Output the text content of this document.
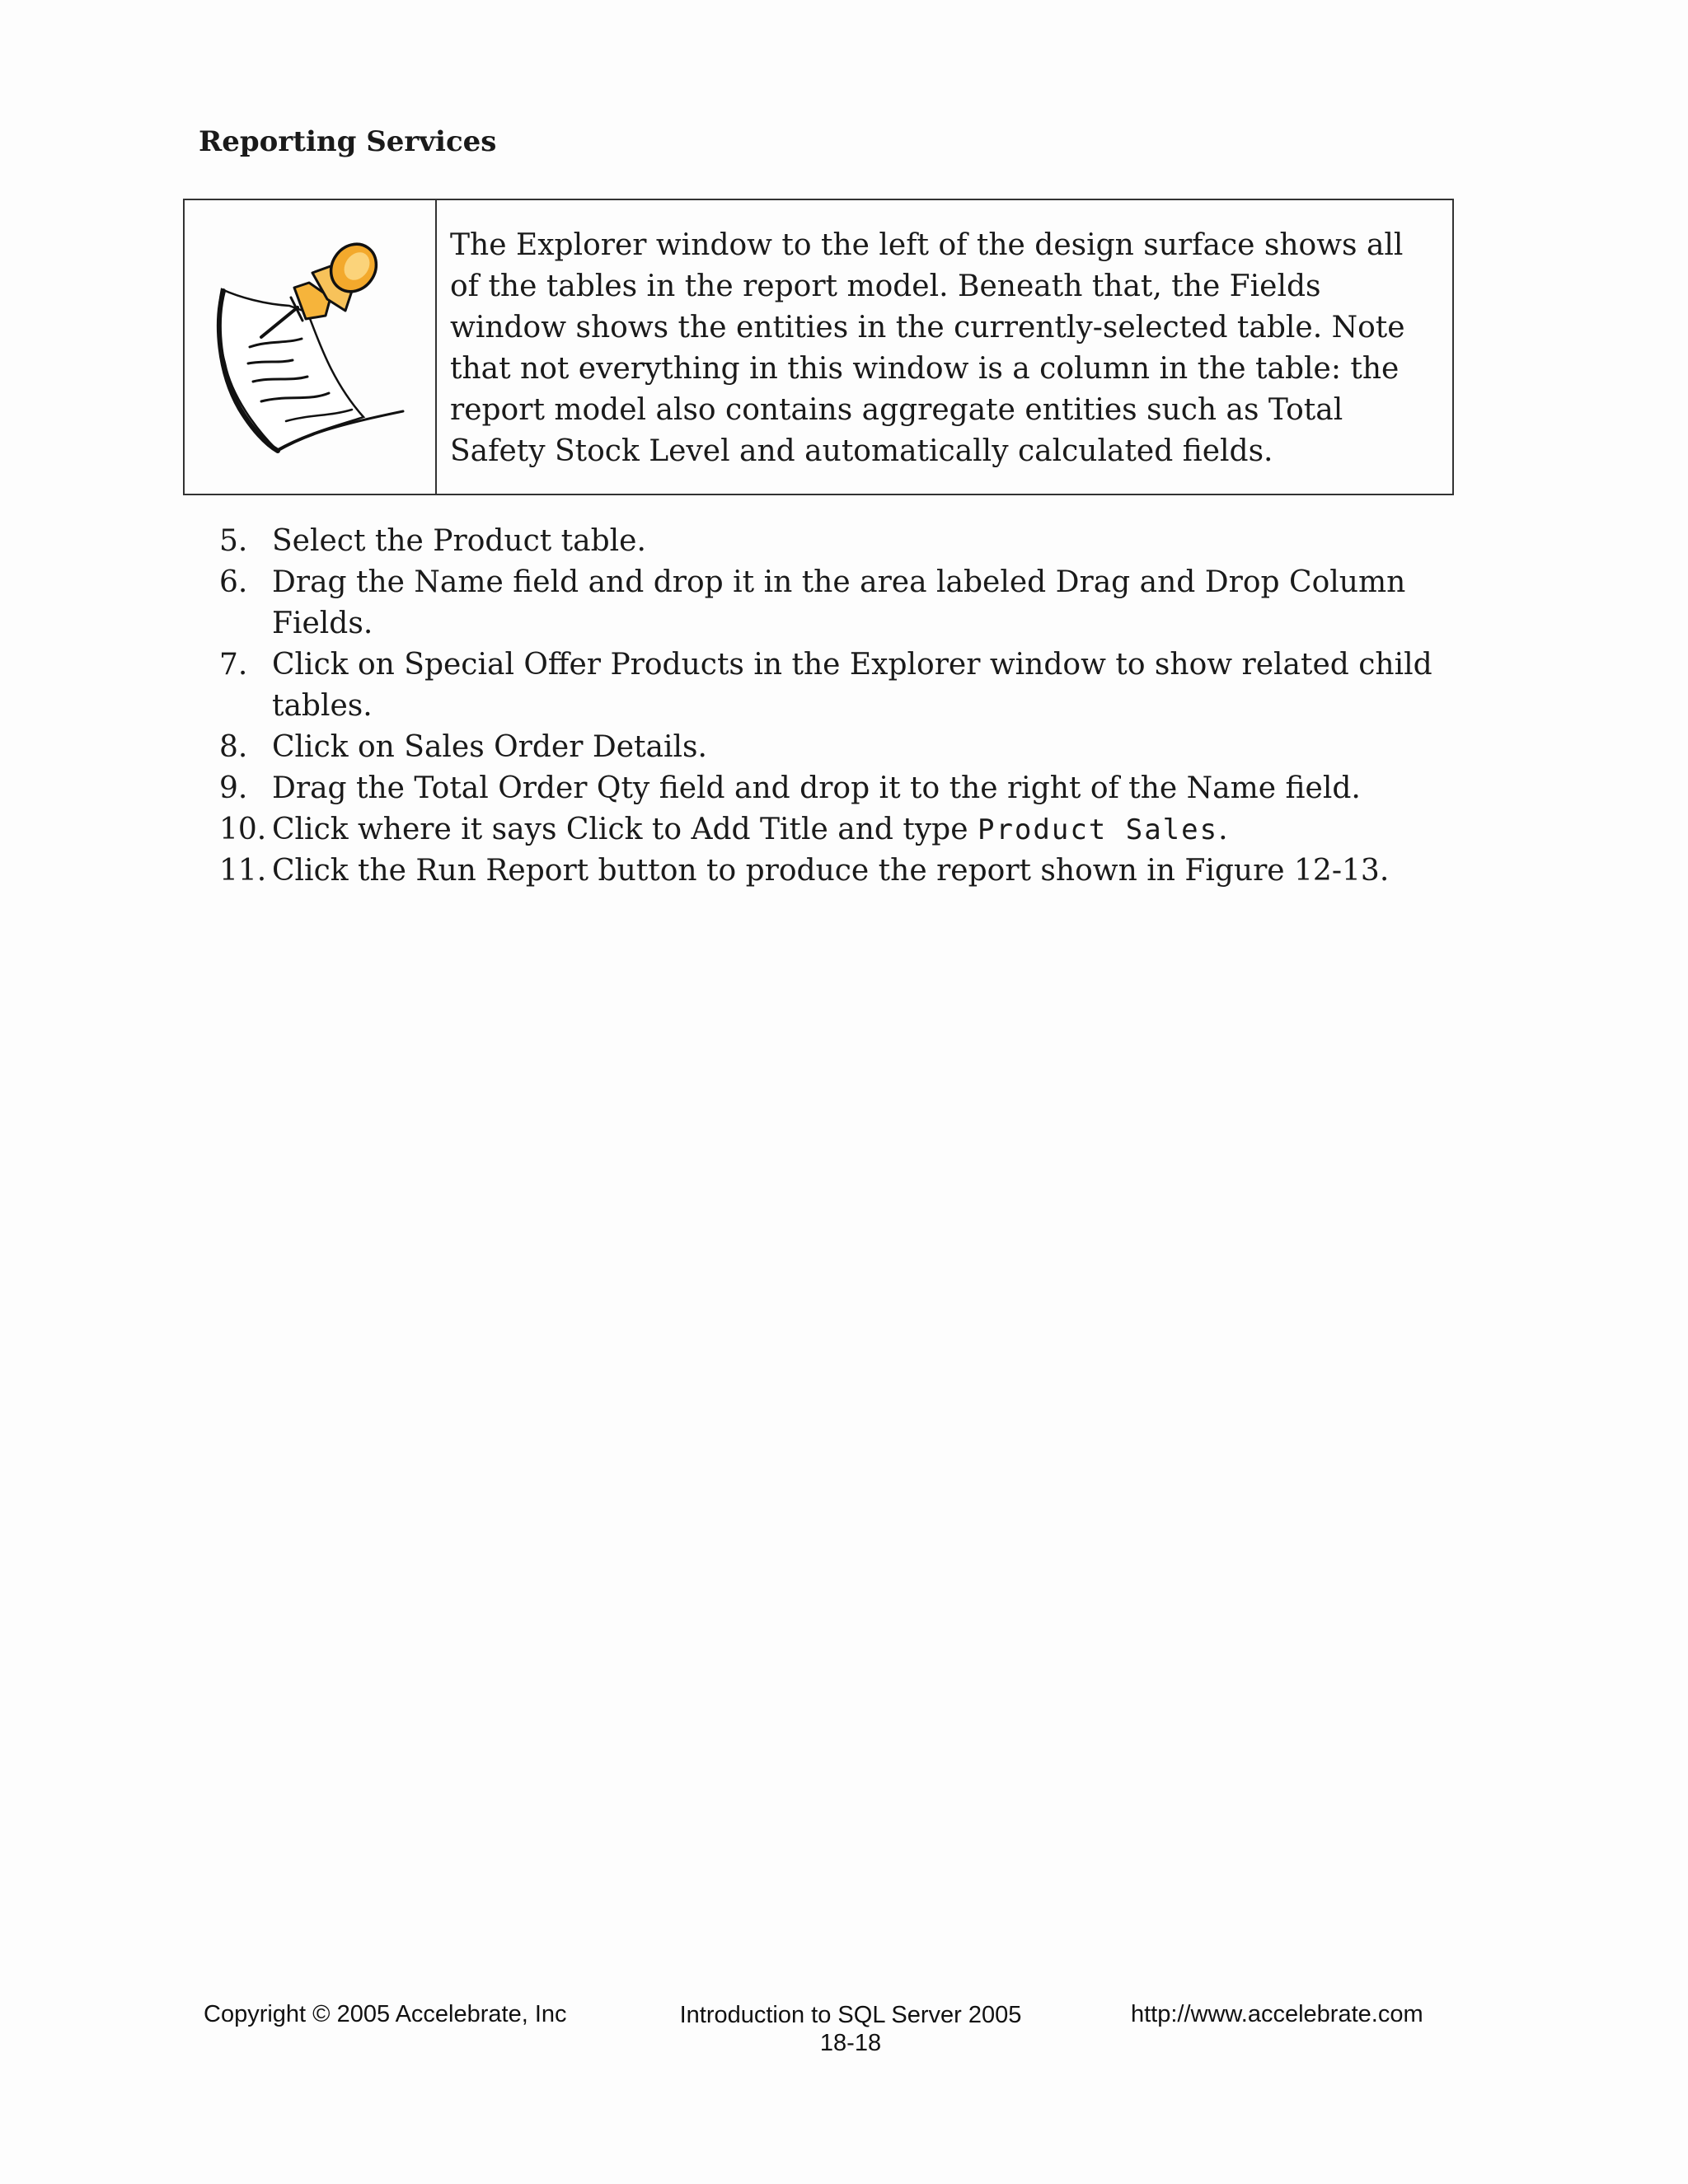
Reporting Services

The Explorer window to the left of the design surface shows all of the tables in the report model. Beneath that, the Fields window shows the entities in the currently-selected table. Note that not everything in this window is a column in the table: the report model also contains aggregate entities such as Total Safety Stock Level and automatically calculated fields.

5. Select the Product table.
6. Drag the Name field and drop it in the area labeled Drag and Drop Column Fields.
7. Click on Special Offer Products in the Explorer window to show related child tables.
8. Click on Sales Order Details.
9. Drag the Total Order Qty field and drop it to the right of the Name field.
10. Click where it says Click to Add Title and type Product Sales.
11. Click the Run Report button to produce the report shown in Figure 12-13.
Copyright © 2005 Accelebrate, Inc	Introduction to SQL Server 2005
18-18
http://www.accelebrate.com
